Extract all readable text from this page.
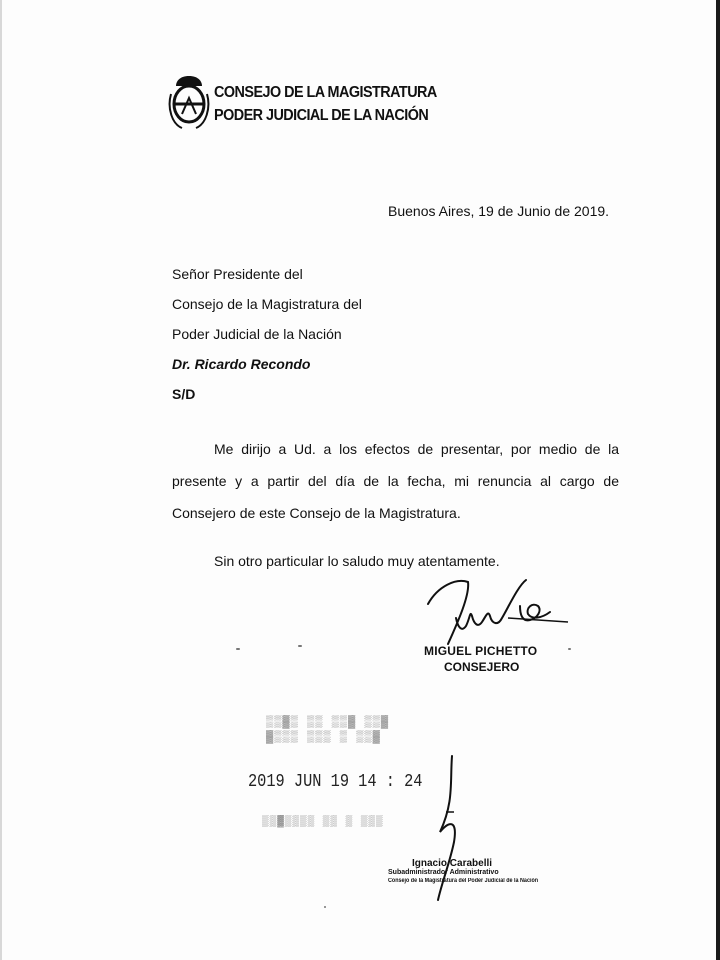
CONSEJO DE LA MAGISTRATURA
PODER JUDICIAL DE LA NACIÓN
Buenos Aires, 19 de Junio de 2019.
Señor Presidente del
Consejo de la Magistratura del
Poder Judicial de la Nación
Dr. Ricardo Recondo
S/D

Me dirijo a Ud. a los efectos de presentar, por medio de la presente y a partir del día de la fecha, mi renuncia al cargo de Consejero de este Consejo de la Magistratura.

Sin otro particular lo saludo muy atentamente.
MIGUEL PICHETTO
CONSEJERO
▒▒▓▒ ▒▒ ▒▒▓ ▒▒▓
▓▒▒▒ ▒▒▒ ▒ ▒▒▓
2019 JUN 19 14 : 24
▒▒▓▒▒▒▒ ▒▒ ▒ ▒▒▒
Ignacio Carabelli
Subadministrador Administrativo
Consejo de la Magistratura del Poder Judicial de la Nación
